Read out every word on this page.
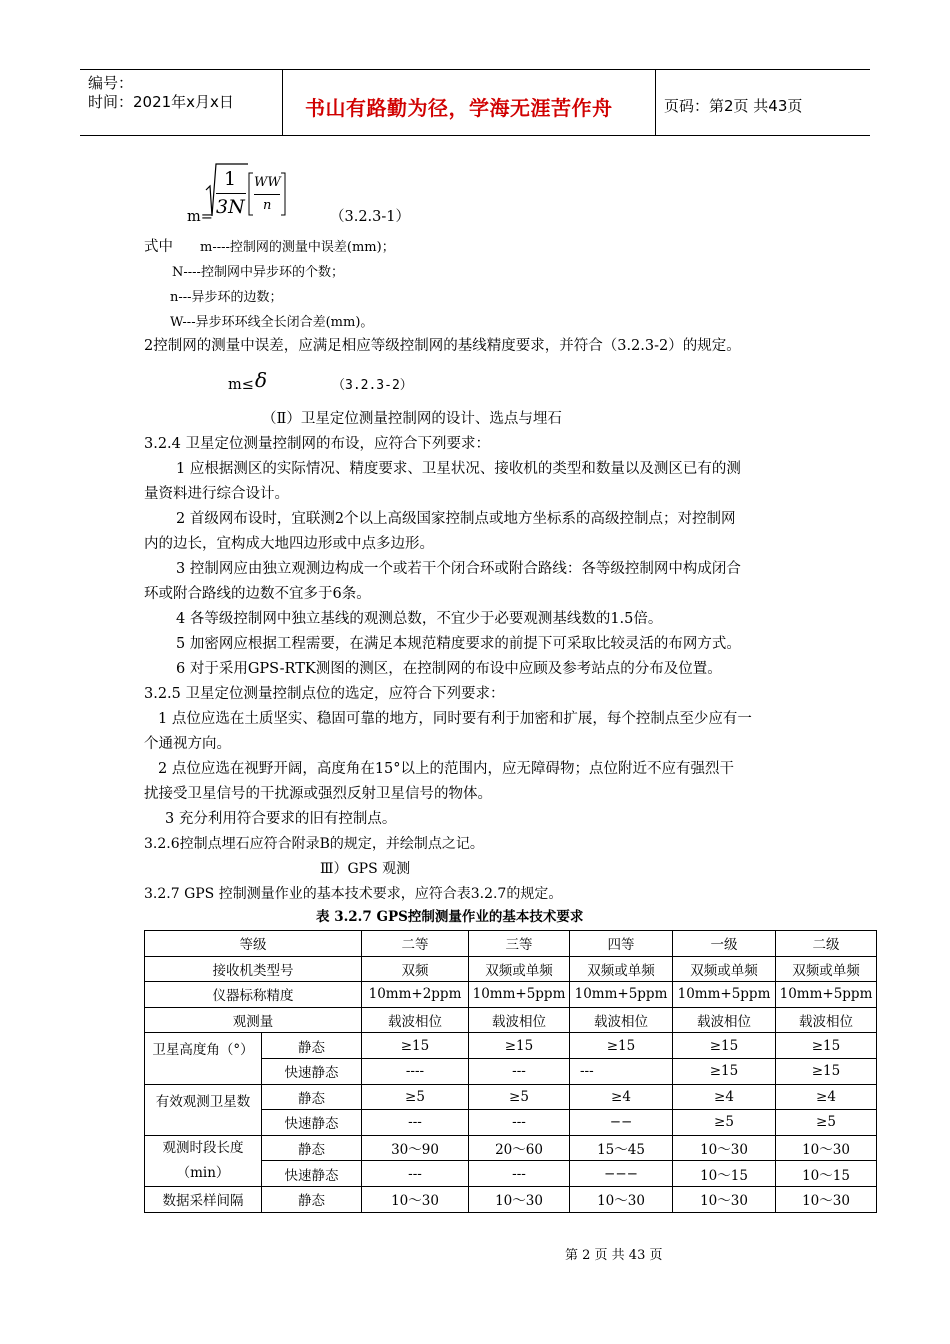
编号：
时间：2021年x月x日	书山有路勤为径，学海无涯苦作舟	页码：第2页 共43页
m=
1
3N
WW
n
（3.2.3-1）
式中 m----控制网的测量中误差(mm)；
N----控制网中异步环的个数；
n---异步环的边数；
W---异步环环线全长闭合差(mm)。
2控制网的测量中误差，应满足相应等级控制网的基线精度要求，并符合（3.2.3-2）的规定。
m≤ δ	（3.2.3-2）
（Ⅱ）卫星定位测量控制网的设计、选点与埋石
3.2.4 卫星定位测量控制网的布设，应符合下列要求：
1 应根据测区的实际情况、精度要求、卫星状况、接收机的类型和数量以及测区已有的测
量资料进行综合设计。
2 首级网布设时，宜联测2个以上高级国家控制点或地方坐标系的高级控制点；对控制网
内的边长，宜构成大地四边形或中点多边形。
3 控制网应由独立观测边构成一个或若干个闭合环或附合路线：各等级控制网中构成闭合
环或附合路线的边数不宜多于6条。
4 各等级控制网中独立基线的观测总数，不宜少于必要观测基线数的1.5倍。
5 加密网应根据工程需要，在满足本规范精度要求的前提下可采取比较灵活的布网方式。
6 对于采用GPS-RTK测图的测区，在控制网的布设中应顾及参考站点的分布及位置。
3.2.5 卫星定位测量控制点位的选定，应符合下列要求：
1 点位应选在土质坚实、稳固可靠的地方，同时要有利于加密和扩展，每个控制点至少应有一
个通视方向。
2 点位应选在视野开阔，高度角在15°以上的范围内，应无障碍物；点位附近不应有强烈干
扰接受卫星信号的干扰源或强烈反射卫星信号的物体。
3 充分利用符合要求的旧有控制点。
3.2.6控制点埋石应符合附录B的规定，并绘制点之记。
Ⅲ）GPS 观测
3.2.7 GPS 控制测量作业的基本技术要求，应符合表3.2.7的规定。
表 3.2.7 GPS控制测量作业的基本技术要求
等级		二等	三等	四等	一级	二级
接收机类型号		双频	双频或单频	双频或单频	双频或单频	双频或单频
仪器标称精度		10mm+2ppm	10mm+5ppm	10mm+5ppm	10mm+5ppm	10mm+5ppm
观测量		载波相位	载波相位	载波相位	载波相位	载波相位
卫星高度角（°）	静态	≥15	≥15	≥15	≥15	≥15
	快速静态	----	---	---	≥15	≥15
有效观测卫星数	静态	≥5	≥5	≥4	≥4	≥4
	快速静态	---	---	−−	≥5	≥5

观测时段长度
（min）	静态	30～90	20～60	15～45	10～30	10～30
	快速静态	---	---	−−−	10～15	10～15
数据采样间隔	静态	10～30	10～30	10～30	10～30	10～30
第 2 页 共 43 页
